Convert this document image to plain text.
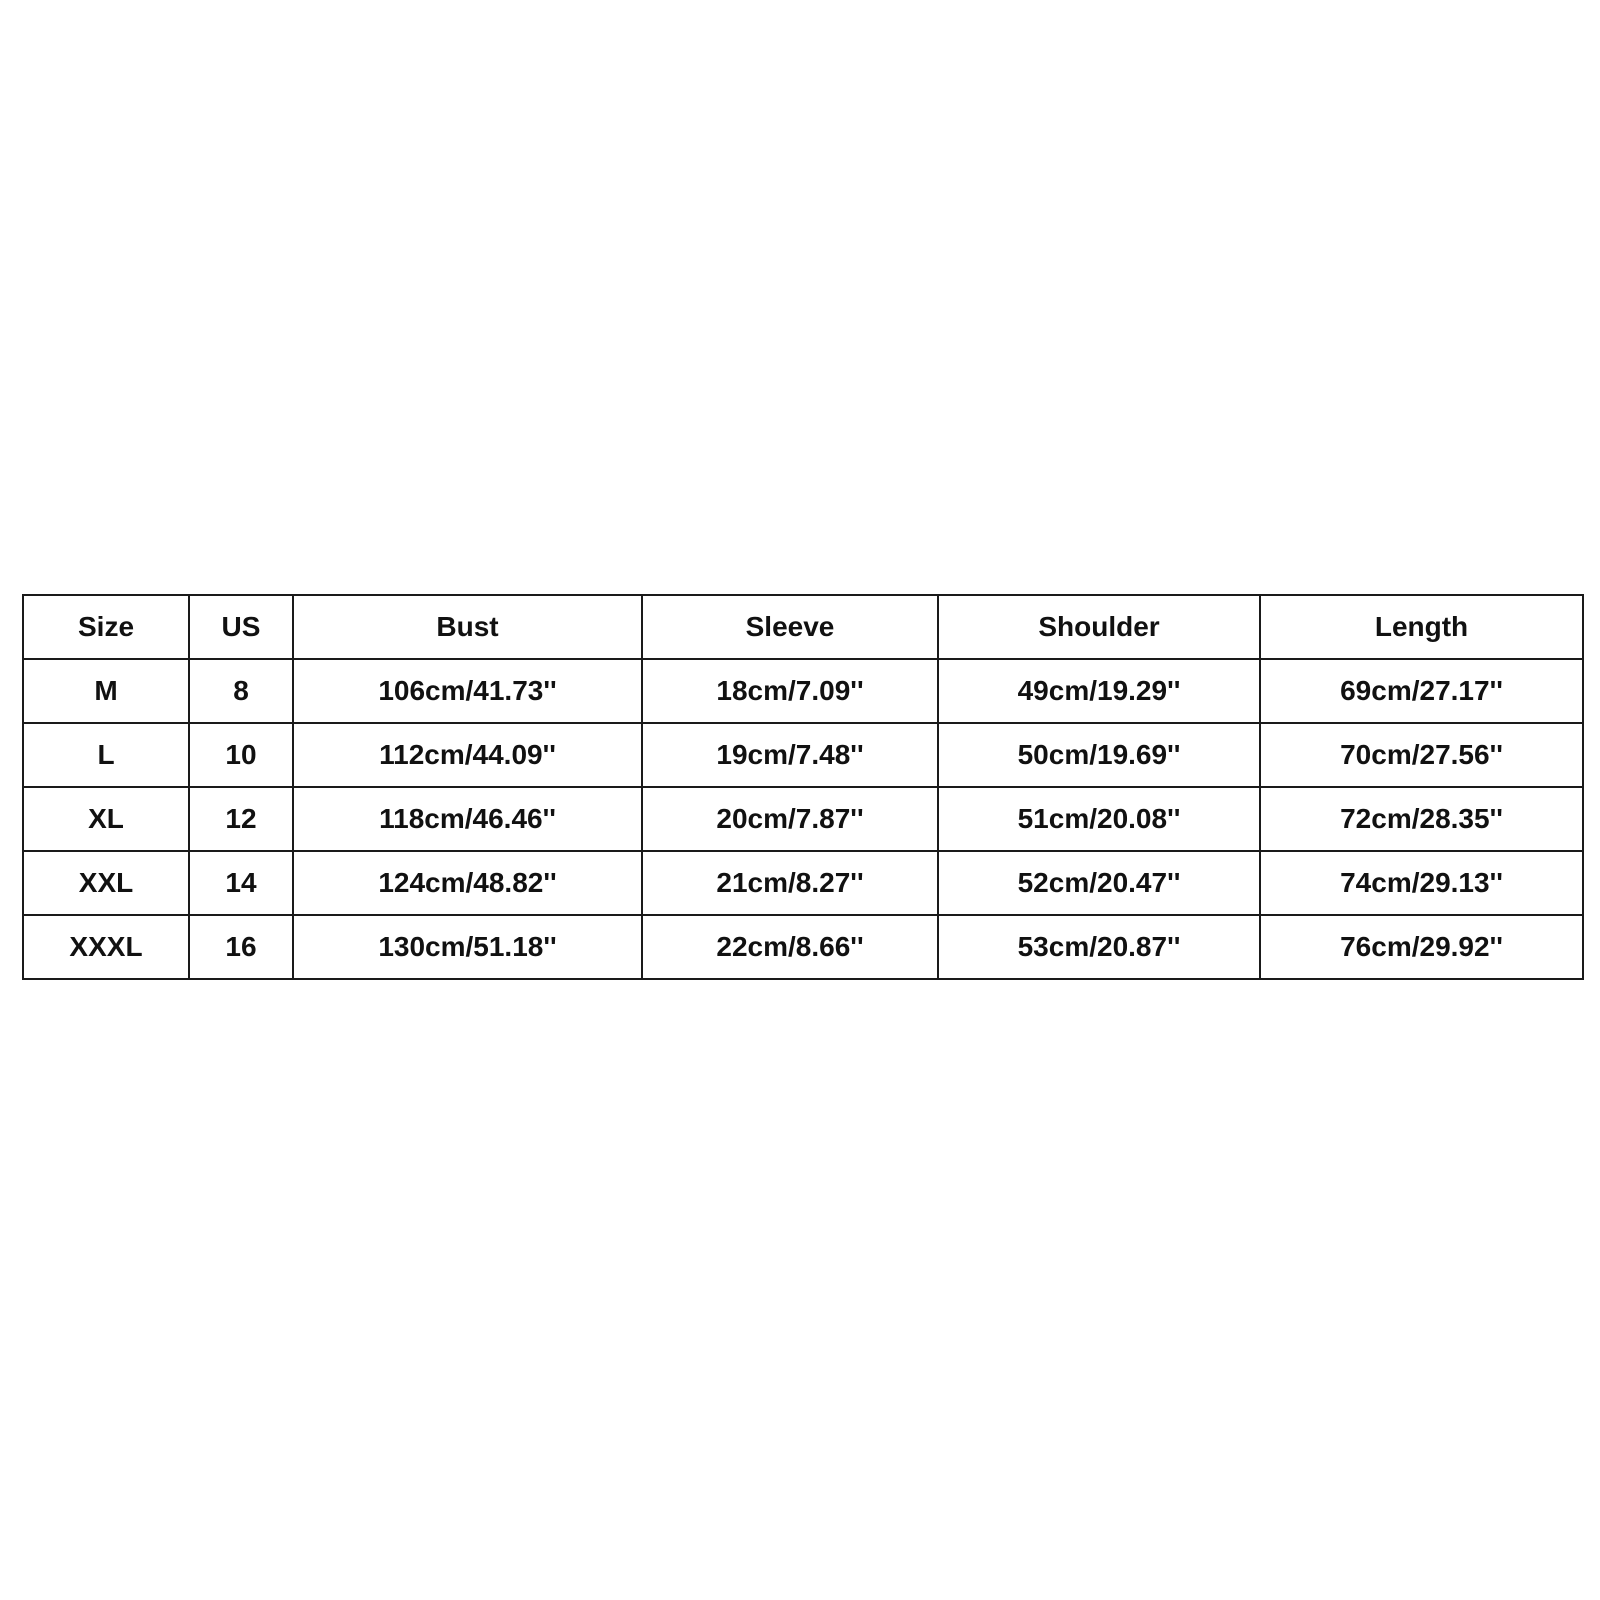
Size	US	Bust	Sleeve	Shoulder	Length
M	8	106cm/41.73''	18cm/7.09''	49cm/19.29''	69cm/27.17''
L	10	112cm/44.09''	19cm/7.48''	50cm/19.69''	70cm/27.56''
XL	12	118cm/46.46''	20cm/7.87''	51cm/20.08''	72cm/28.35''
XXL	14	124cm/48.82''	21cm/8.27''	52cm/20.47''	74cm/29.13''
XXXL	16	130cm/51.18''	22cm/8.66''	53cm/20.87''	76cm/29.92''
